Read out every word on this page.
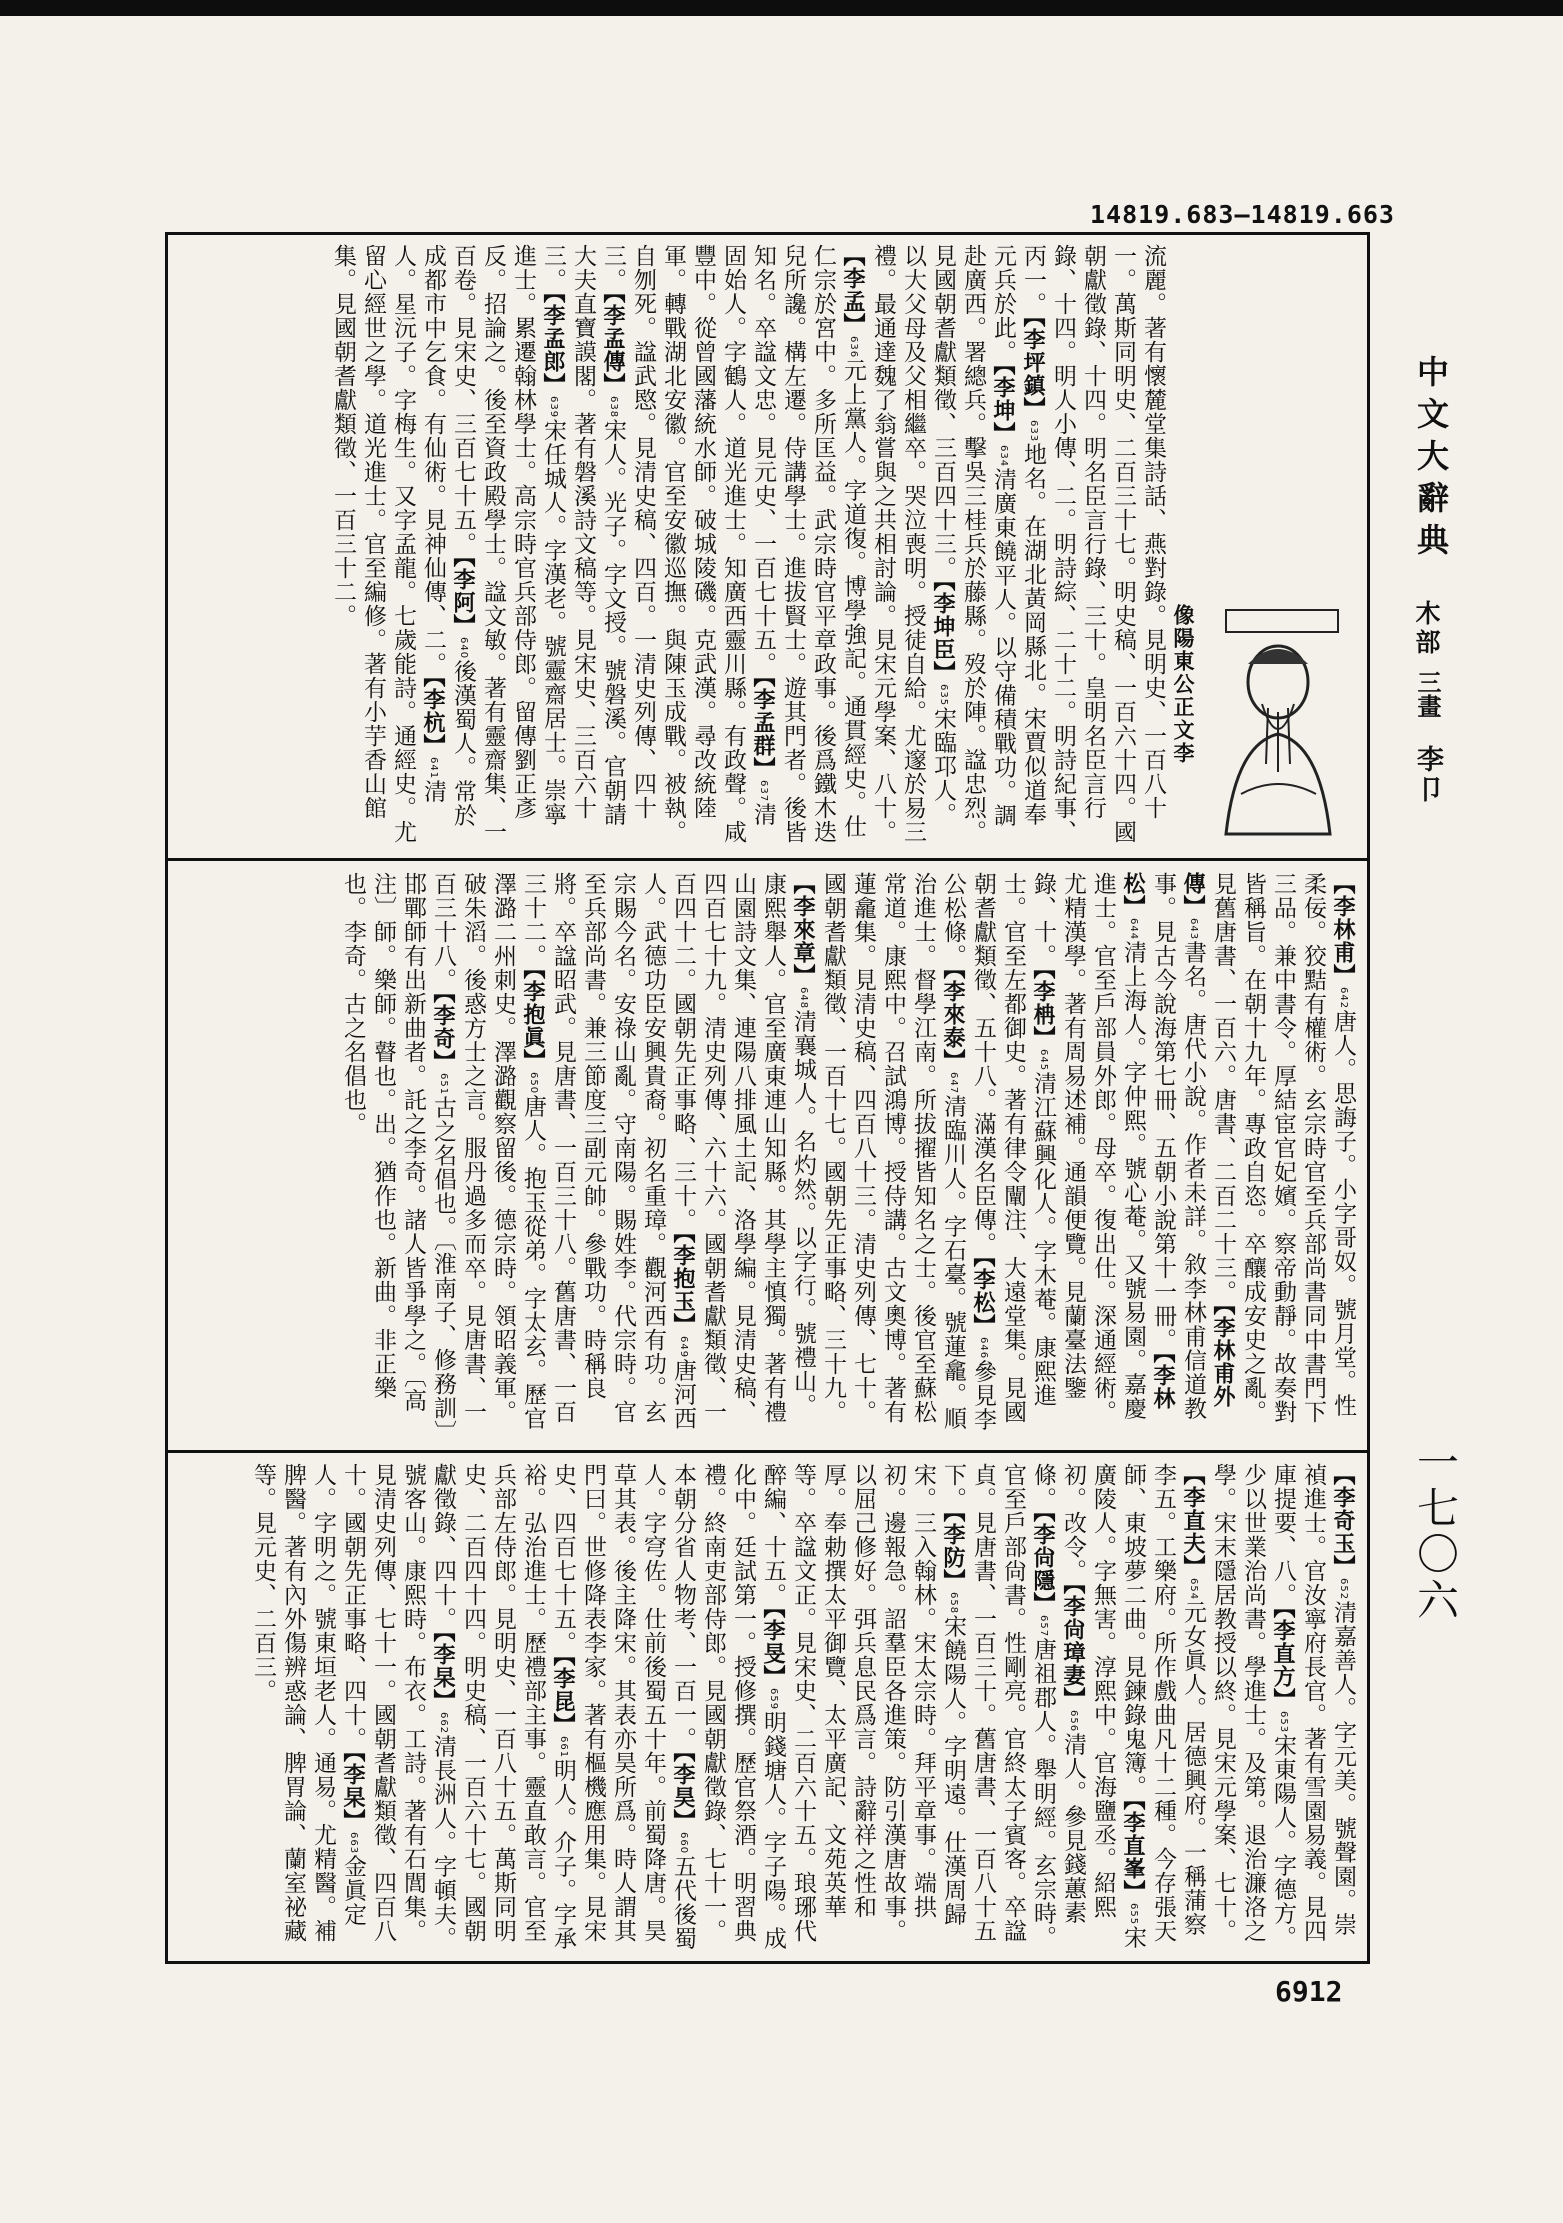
14819.683—14819.663
像陽東公正文李
流麗。著有懷麓堂集詩話、燕對錄。見明史、一百八十一。萬斯同明史、二百三十七。明史稿、一百六十四。國朝獻徵錄、十四。明名臣言行錄、三十。皇明名臣言行錄、十四。明人小傳、二。明詩綜、二十二。明詩紀事、丙一。【李坪鎮】633地名。在湖北黃岡縣北。宋賈似道奉元兵於此。【李坤】634清廣東饒平人。以守備積戰功。調赴廣西。署總兵。擊吳三桂兵於藤縣。歿於陣。諡忠烈。見國朝耆獻類徵、三百四十三。【李坤臣】635宋臨邛人。以大父母及父相繼卒。哭泣喪明。授徒自給。尤邃於易三禮。最通達魏了翁嘗與之共相討論。見宋元學案、八十。【李孟】636元上黨人。字道復。博學強記。通貫經史。仕仁宗於宮中。多所匡益。武宗時官平章政事。後爲鐵木迭兒所讒。構左遷。侍講學士。進拔賢士。遊其門者。後皆知名。卒諡文忠。見元史、一百七十五。【李孟群】637清固始人。字鶴人。道光進士。知廣西靈川縣。有政聲。咸豐中。從曾國藩統水師。破城陵磯。克武漢。尋改統陸軍。轉戰湖北安徽。官至安徽巡撫。與陳玉成戰。被執。自刎死。諡武愍。見清史稿、四百。一清史列傳、四十三。【李孟傳】638宋人。光子。字文授。號磐溪。官朝請大夫直寶謨閣。著有磐溪詩文稿等。見宋史、三百六十三。【李孟郎】639宋任城人。字漢老。號靈齋居士。崇寧進士。累遷翰林學士。高宗時官兵部侍郎。留傳劉正彥反。招論之。後至資政殿學士。諡文敏。著有靈齋集、一百卷。見宋史、三百七十五。【李阿】640後漢蜀人。常於成都市中乞食。有仙術。見神仙傳、二。【李杭】641清人。星沅子。字梅生。又字孟龍。七歲能詩。通經史。尤留心經世之學。道光進士。官至編修。著有小芋香山館集。見國朝耆獻類徵、一百三十二。
【李林甫】642唐人。思誨子。小字哥奴。號月堂。性柔佞。狡黠有權術。玄宗時官至兵部尚書同中書門下三品。兼中書令。厚結宦官妃嬪。察帝動靜。故奏對皆稱旨。在朝十九年。專政自恣。卒釀成安史之亂。見舊唐書、一百六。唐書、二百二十三。【李林甫外傳】643書名。唐代小說。作者未詳。敘李林甫信道教事。見古今說海第七冊、五朝小說第十一冊。【李林松】644清上海人。字仲熙。號心菴。又號易園。嘉慶進士。官至戶部員外郎。母卒。復出仕。深通經術。尤精漢學。著有周易述補。通韻便覽。見蘭臺法鑒錄、十。【李柟】645清江蘇興化人。字木菴。康熙進士。官至左都御史。著有律令闡注、大遠堂集。見國朝耆獻類徵、五十八。滿漢名臣傳。【李松】646參見李公松條。【李來泰】647清臨川人。字石臺。號蓮龕。順治進士。督學江南。所拔擢皆知名之士。後官至蘇松常道。康熙中。召試鴻博。授侍講。古文奧博。著有蓮龕集。見清史稿、四百八十三。清史列傳、七十。國朝耆獻類徵、一百十七。國朝先正事略、三十九。【李來章】648清襄城人。名灼然。以字行。號禮山。康熙舉人。官至廣東連山知縣。其學主慎獨。著有禮山園詩文集、連陽八排風土記、洛學編。見清史稿、四百七十九。清史列傳、六十六。國朝耆獻類徵、一百四十二。國朝先正事略、三十。【李抱玉】649唐河西人。武德功臣安興貴裔。初名重璋。觀河西有功。玄宗賜今名。安祿山亂。守南陽。賜姓李。代宗時。官至兵部尚書。兼三節度三副元帥。參戰功。時稱良將。卒諡昭武。見唐書、一百三十八。舊唐書、一百三十二。【李抱眞】650唐人。抱玉從弟。字太玄。歷官澤潞二州刺史。澤潞觀察留後。德宗時。領昭義軍。破朱滔。後惑方士之言。服丹過多而卒。見唐書、一百三十八。【李奇】651古之名倡也。〔淮南子、修務訓〕邯鄲師有出新曲者。託之李奇。諸人皆爭學之。〔高注〕師。樂師。瞽也。出。猶作也。新曲。非正樂也。李奇。古之名倡也。
【李奇玉】652清嘉善人。字元美。號聲園。崇禎進士。官汝寧府長官。著有雪園易義。見四庫提要、八。【李直方】653宋東陽人。字德方。少以世業治尚書。學進士。及第。退治濂洛之學。宋末隱居教授以終。見宋元學案、七十。【李直夫】654元女眞人。居德興府。一稱蒲察李五。工樂府。所作戲曲凡十二種。今存張天師、東坡夢二曲。見鍊錄鬼簿。【李直峯】655宋廣陵人。字無害。淳熙中。官海鹽丞。紹熙初。改令。【李尙璋妻】656清人。參見錢蕙素條。【李尙隱】657唐祖郡人。舉明經。玄宗時。官至戶部尙書。性剛亮。官終太子賓客。卒諡貞。見唐書、一百三十。舊唐書、一百八十五下。【李防】658宋饒陽人。字明遠。仕漢周歸宋。三入翰林。宋太宗時。拜平章事。端拱初。邊報急。詔羣臣各進策。防引漢唐故事。以屈己修好。弭兵息民爲言。詩辭祥之性和厚。奉勅撰太平御覽、太平廣記、文苑英華等。卒諡文正。見宋史、二百六十五。琅琊代醉編、十五。【李旻】659明錢塘人。字子陽。成化中。廷試第一。授修撰。歷官祭酒。明習典禮。終南吏部侍郎。見國朝獻徵錄、七十一。本朝分省人物考、一百一。【李昊】660五代後蜀人。字穹佐。仕前後蜀五十年。前蜀降唐。昊草其表。後主降宋。其表亦昊所爲。時人謂其門曰。世修降表李家。著有樞機應用集。見宋史、四百七十五。【李昆】661明人。介子。字承裕。弘治進士。歷禮部主事。靈直敢言。官至兵部左侍郎。見明史、一百八十五。萬斯同明史、二百四十四。明史稿、一百六十七。國朝獻徵錄、四十。【李杲】662清長洲人。字頓夫。號客山。康熙時。布衣。工詩。著有石閭集。見清史列傳、七十一。國朝耆獻類徵、四百八十。國朝先正事略、四十。【李杲】663金眞定人。字明之。號東垣老人。通易。尤精醫。補脾醫。著有內外傷辨惑論、脾胃論、蘭室祕藏等。見元史、二百三。
中文大辭典
木部
三畫
李卩
一七〇六
6912
